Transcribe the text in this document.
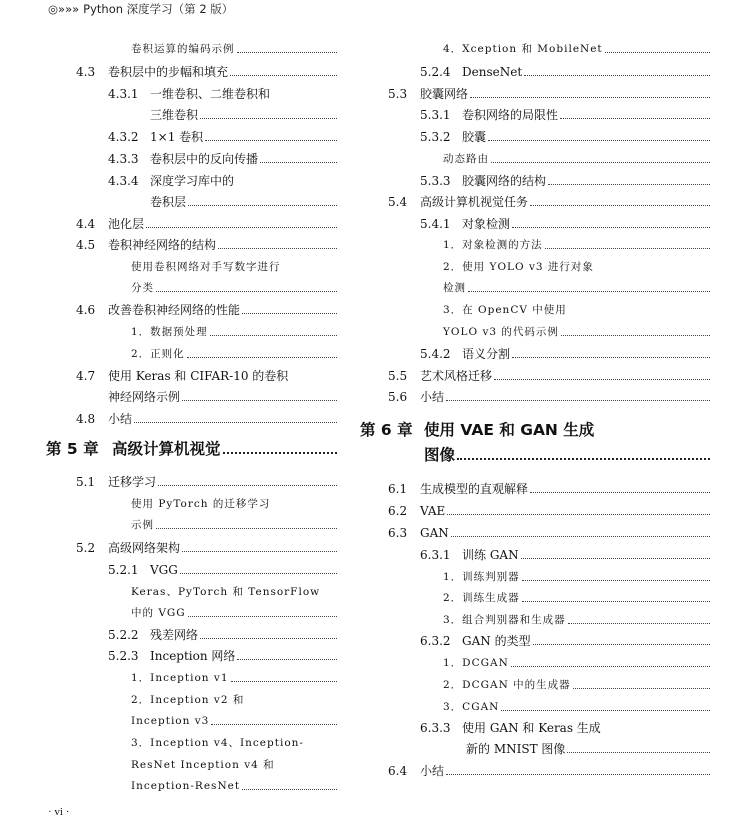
◎»»» Python 深度学习（第 2 版）
卷积运算的编码示例
4.3 卷积层中的步幅和填充
4.3.1 一维卷积、二维卷积和
三维卷积
4.3.2 1×1 卷积
4.3.3 卷积层中的反向传播
4.3.4 深度学习库中的
卷积层
4.4 池化层
4.5 卷积神经网络的结构
使用卷积网络对手写数字进行
分类
4.6 改善卷积神经网络的性能
1．数据预处理
2．正则化
4.7 使用 Keras 和 CIFAR-10 的卷积
神经网络示例
4.8 小结
第 5 章 高级计算机视觉
5.1 迁移学习
使用 PyTorch 的迁移学习
示例
5.2 高级网络架构
5.2.1 VGG
Keras、PyTorch 和 TensorFlow
中的 VGG
5.2.2 残差网络
5.2.3 Inception 网络
1．Inception v1
2．Inception v2 和
Inception v3
3．Inception v4、Inception-
ResNet Inception v4 和
Inception-ResNet
4．Xception 和 MobileNet
5.2.4 DenseNet
5.3 胶囊网络
5.3.1 卷积网络的局限性
5.3.2 胶囊
动态路由
5.3.3 胶囊网络的结构
5.4 高级计算机视觉任务
5.4.1 对象检测
1．对象检测的方法
2．使用 YOLO v3 进行对象
检测
3．在 OpenCV 中使用
YOLO v3 的代码示例
5.4.2 语义分割
5.5 艺术风格迁移
5.6 小结
第 6 章 使用 VAE 和 GAN 生成
图像
6.1 生成模型的直观解释
6.2 VAE
6.3 GAN
6.3.1 训练 GAN
1．训练判别器
2．训练生成器
3．组合判别器和生成器
6.3.2 GAN 的类型
1．DCGAN
2．DCGAN 中的生成器
3．CGAN
6.3.3 使用 GAN 和 Keras 生成
新的 MNIST 图像
6.4 小结
· vi ·
